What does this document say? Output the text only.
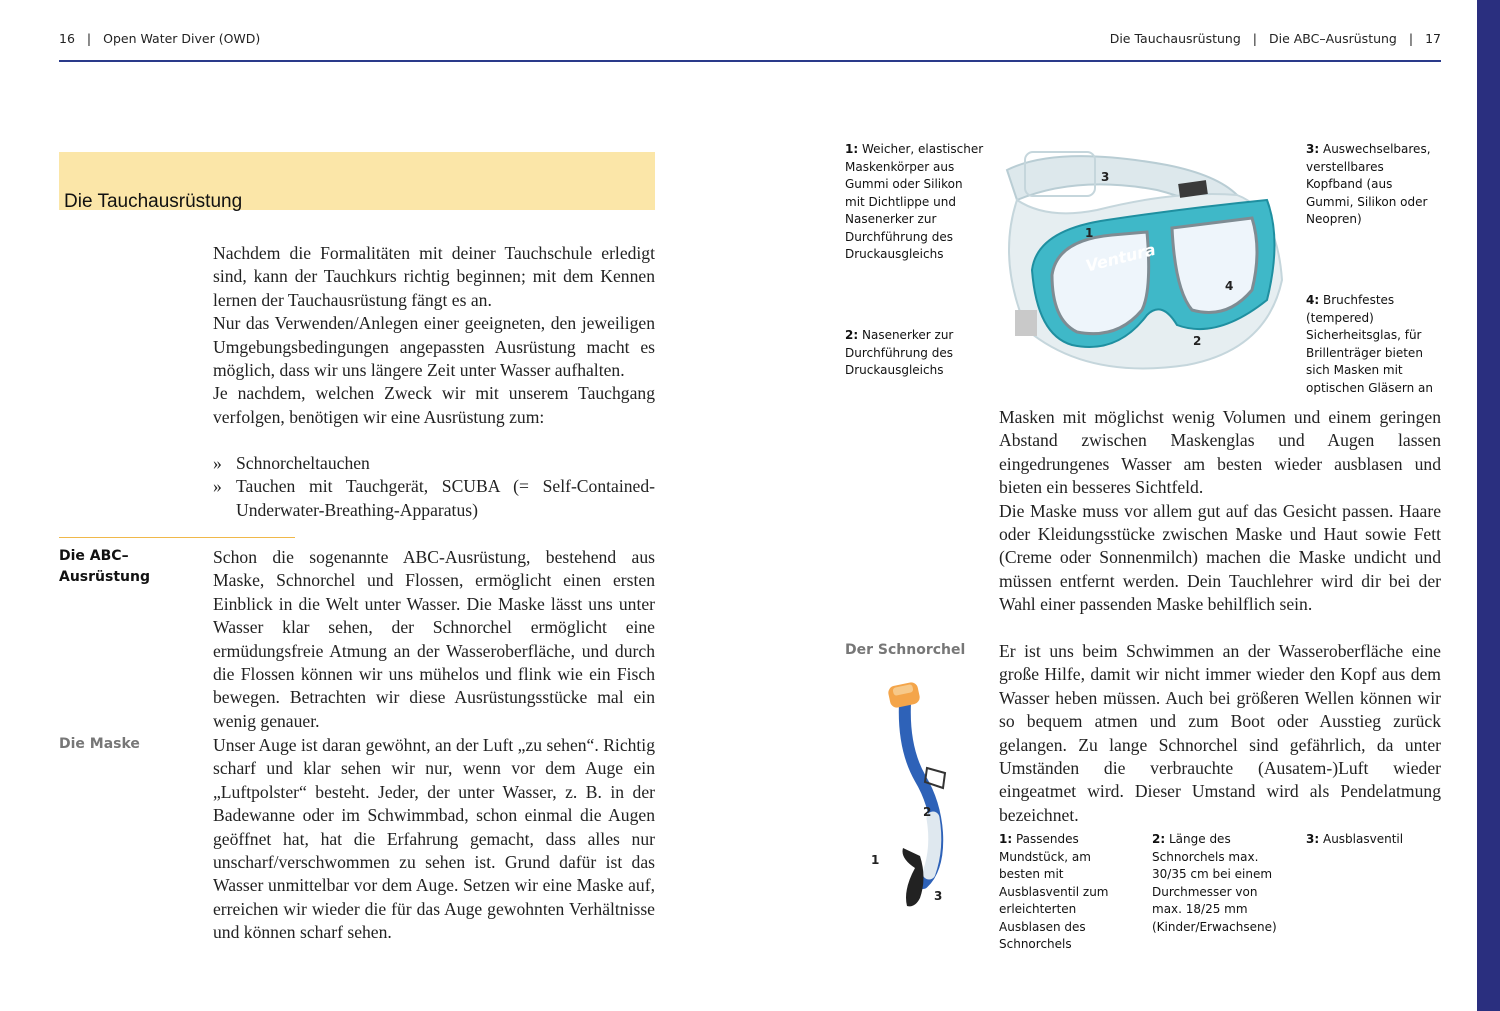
16 | Open Water Diver (OWD)	Die Tauchausrüstung | Die ABC–Ausrüstung | 17
Die Tauchausrüstung

Nachdem die Formalitäten mit deiner Tauchschule erledigt sind, kann der Tauchkurs richtig beginnen; mit dem Kennen lernen der Tauchausrüstung fängt es an.

Nur das Verwenden/Anlegen einer geeigneten, den jeweiligen Umgebungsbedingungen angepassten Ausrüstung macht es möglich, dass wir uns längere Zeit unter Wasser aufhalten.

Je nachdem, welchen Zweck wir mit unserem Tauchgang verfolgen, benötigen wir eine Ausrüstung zum:

» Schnorcheltauchen
» Tauchen mit Tauchgerät, SCUBA (= Self-Contained-Underwater-Breathing-Apparatus)
Die ABC–Ausrüstung
Schon die sogenannte ABC-Ausrüstung, bestehend aus Maske, Schnorchel und Flossen, ermöglicht einen ersten Einblick in die Welt unter Wasser. Die Maske lässt uns unter Wasser klar sehen, der Schnorchel ermöglicht eine ermüdungsfreie Atmung an der Wasseroberfläche, und durch die Flossen können wir uns mühelos und flink wie ein Fisch bewegen. Betrachten wir diese Ausrüstungsstücke mal ein wenig genauer.
Die Maske	Unser Auge ist daran gewöhnt, an der Luft „zu sehen“. Richtig scharf und klar sehen wir nur, wenn vor dem Auge ein „Luftpolster“ besteht. Jeder, der unter Wasser, z. B. in der Badewanne oder im Schwimmbad, schon einmal die Augen geöffnet hat, hat die Erfahrung gemacht, dass alles nur unscharf/verschwommen zu sehen ist. Grund dafür ist das Wasser unmittelbar vor dem Auge. Setzen wir eine Maske auf, erreichen wir wieder die für das Auge gewohnten Verhältnisse und können scharf sehen.
1: Weicher, elastischer Maskenkörper aus Gummi oder Silikon mit Dichtlippe und Nasenerker zur Durchführung des Druckausgleichs
2: Nasenerker zur Durchführung des Druckausgleichs
3: Auswechselbares, verstellbares Kopfband (aus Gummi, Silikon oder Neopren)
4: Bruchfestes (tempered) Sicherheitsglas, für Brillenträger bieten sich Masken mit optischen Gläsern an
Ventura
3
1
4
2

Masken mit möglichst wenig Volumen und einem geringen Abstand zwischen Maskenglas und Augen lassen eingedrungenes Wasser am besten wieder ausblasen und bieten ein besseres Sichtfeld.

Die Maske muss vor allem gut auf das Gesicht passen. Haare oder Kleidungsstücke zwischen Maske und Haut sowie Fett (Creme oder Sonnenmilch) machen die Maske undicht und müssen entfernt werden. Dein Tauchlehrer wird dir bei der Wahl einer passenden Maske behilflich sein.

Der Schnorchel Er ist uns beim Schwimmen an der Wasseroberfläche eine große Hilfe, damit wir nicht immer wieder den Kopf aus dem Wasser heben müssen. Auch bei größeren Wellen können wir so bequem atmen und zum Boot oder Ausstieg zurück gelangen. Zu lange Schnorchel sind gefährlich, da unter Umständen die verbrauchte (Ausatem-)Luft wieder eingeatmet wird. Dieser Umstand wird als Pendelatmung bezeichnet.
2
1
3
1: Passendes Mundstück, am besten mit Ausblasventil zum erleichterten Ausblasen des Schnorchels
2: Länge des Schnorchels max. 30/35 cm bei einem Durchmesser von max. 18/25 mm (Kinder/Erwachsene)
3: Ausblasventil
